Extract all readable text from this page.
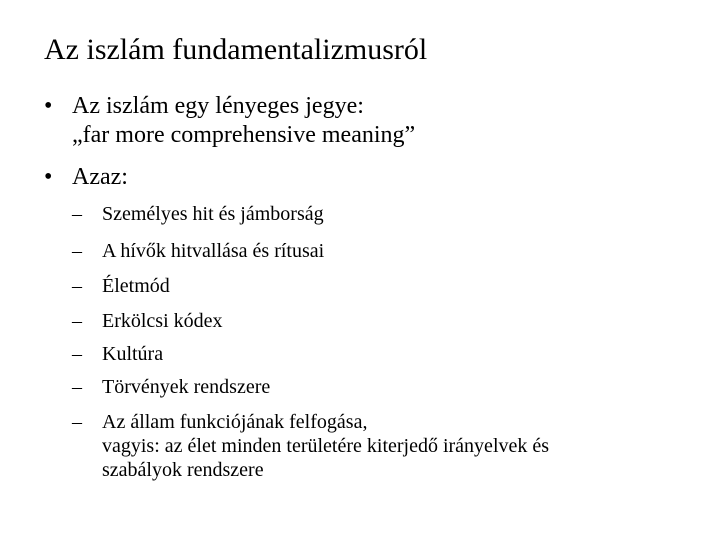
Az iszlám fundamentalizmusról
• Az iszlám egy lényeges jegye:
„far more comprehensive meaning”
• Azaz:
– Személyes hit és jámborság
– A hívők hitvallása és rítusai
– Életmód
– Erkölcsi kódex
– Kultúra
– Törvények rendszere
– Az állam funkciójának felfogása,
vagyis: az élet minden területére kiterjedő irányelvek és
szabályok rendszere
